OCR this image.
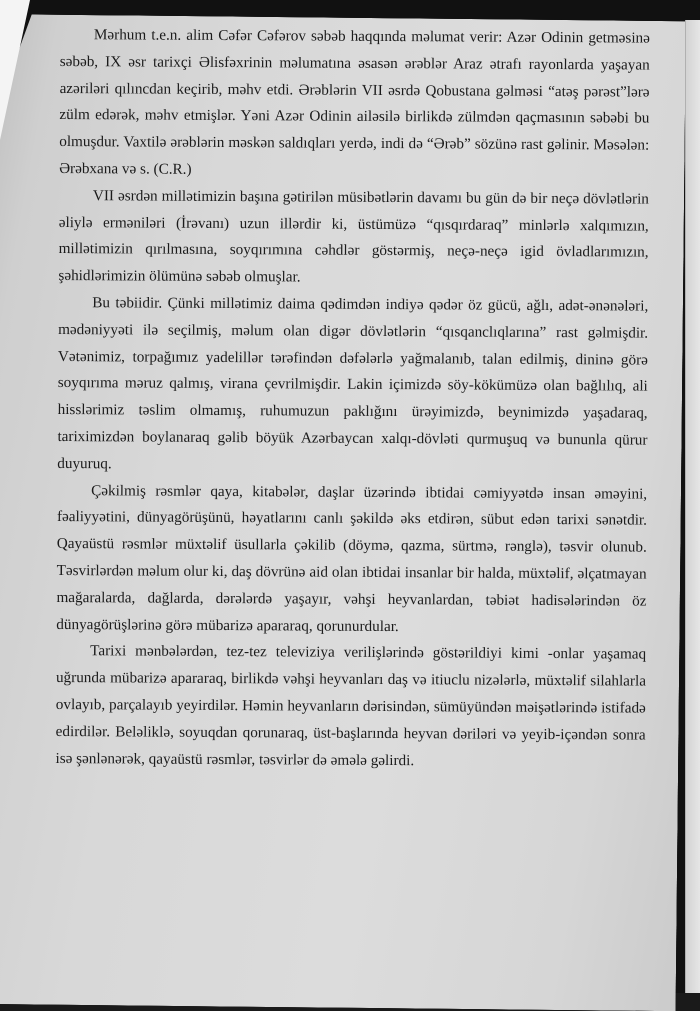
Mərhum t.e.n. alim Cəfər Cəfərov səbəb haqqında məlumat verir: Azər Odinin getməsinə səbəb, IX əsr tarixçi Əlisfəxrinin məlumatına əsasən ərəblər Araz ətrafı rayonlarda yaşayan azəriləri qılıncdan keçirib, məhv etdi. Ərəblərin VII əsrdə Qobustana gəlməsi “atəş pərəst”lərə zülm edərək, məhv etmişlər. Yəni Azər Odinin ailəsilə birlikdə zülmdən qaçmasının səbəbi bu olmuşdur. Vaxtilə ərəblərin məskən saldıqları yerdə, indi də “Ərəb” sözünə rast gəlinir. Məsələn: Ərəbxana və s. (C.R.)

VII əsrdən millətimizin başına gətirilən müsibətlərin davamı bu gün də bir neçə dövlətlərin əliylə erməniləri (İrəvanı) uzun illərdir ki, üstümüzə “qısqırdaraq” minlərlə xalqımızın, millətimizin qırılmasına, soyqırımına cəhdlər göstərmiş, neçə-neçə igid övladlarımızın, şəhidlərimizin ölümünə səbəb olmuşlar.

Bu təbiidir. Çünki millətimiz daima qədimdən indiyə qədər öz gücü, ağlı, adət-ənənələri, mədəniyyəti ilə seçilmiş, məlum olan digər dövlətlərin “qısqanclıqlarına” rast gəlmişdir. Vətənimiz, torpağımız yadelillər tərəfindən dəfələrlə yağmalanıb, talan edilmiş, dininə görə soyqırıma məruz qalmış, virana çevrilmişdir. Lakin içimizdə söy-kökümüzə olan bağlılıq, ali hisslərimiz təslim olmamış, ruhumuzun paklığını ürəyimizdə, beynimizdə yaşadaraq, tariximizdən boylanaraq gəlib böyük Azərbaycan xalqı-dövləti qurmuşuq və bununla qürur duyuruq.

Çəkilmiş rəsmlər qaya, kitabələr, daşlar üzərində ibtidai cəmiyyətdə insan əməyini, fəaliyyətini, dünyagörüşünü, həyatlarını canlı şəkildə əks etdirən, sübut edən tarixi sənətdir. Qayaüstü rəsmlər müxtəlif üsullarla çəkilib (döymə, qazma, sürtmə, rənglə), təsvir olunub. Təsvirlərdən məlum olur ki, daş dövrünə aid olan ibtidai insanlar bir halda, müxtəlif, əlçatmayan mağaralarda, dağlarda, dərələrdə yaşayır, vəhşi heyvanlardan, təbiət hadisələrindən öz dünyagörüşlərinə görə mübarizə apararaq, qorunurdular.

Tarixi mənbələrdən, tez-tez televiziya verilişlərində göstərildiyi kimi -onlar yaşamaq uğrunda mübarizə apararaq, birlikdə vəhşi heyvanları daş və itiuclu nizələrlə, müxtəlif silahlarla ovlayıb, parçalayıb yeyirdilər. Həmin heyvanların dərisindən, sümüyündən məişətlərində istifadə edirdilər. Beləliklə, soyuqdan qorunaraq, üst-başlarında heyvan dəriləri və yeyib-içəndən sonra isə şənlənərək, qayaüstü rəsmlər, təsvirlər də əmələ gəlirdi.
